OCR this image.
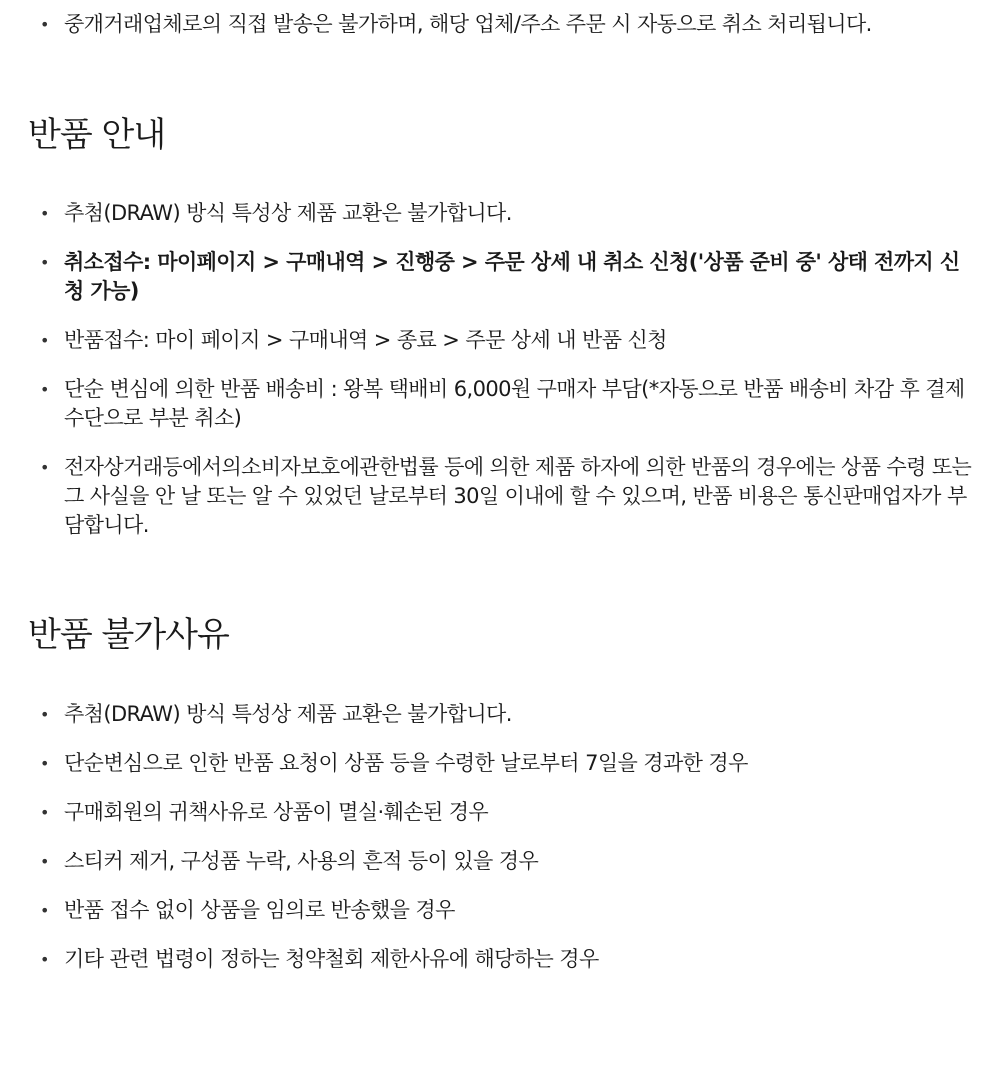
• 중개거래업체로의 직접 발송은 불가하며, 해당 업체/주소 주문 시 자동으로 취소 처리됩니다.
반품 안내
• 추첨(DRAW) 방식 특성상 제품 교환은 불가합니다.
• 취소접수: 마이페이지 > 구매내역 > 진행중 > 주문 상세 내 취소 신청('상품 준비 중' 상태 전까지 신청 가능)
• 반품접수: 마이 페이지 > 구매내역 > 종료 > 주문 상세 내 반품 신청
• 단순 변심에 의한 반품 배송비 : 왕복 택배비 6,000원 구매자 부담(*자동으로 반품 배송비 차감 후 결제 수단으로 부분 취소)
• 전자상거래등에서의소비자보호에관한법률 등에 의한 제품 하자에 의한 반품의 경우에는 상품 수령 또는 그 사실을 안 날 또는 알 수 있었던 날로부터 30일 이내에 할 수 있으며, 반품 비용은 통신판매업자가 부담합니다.
반품 불가사유
• 추첨(DRAW) 방식 특성상 제품 교환은 불가합니다.
• 단순변심으로 인한 반품 요청이 상품 등을 수령한 날로부터 7일을 경과한 경우
• 구매회원의 귀책사유로 상품이 멸실·훼손된 경우
• 스티커 제거, 구성품 누락, 사용의 흔적 등이 있을 경우
• 반품 접수 없이 상품을 임의로 반송했을 경우
• 기타 관련 법령이 정하는 청약철회 제한사유에 해당하는 경우
